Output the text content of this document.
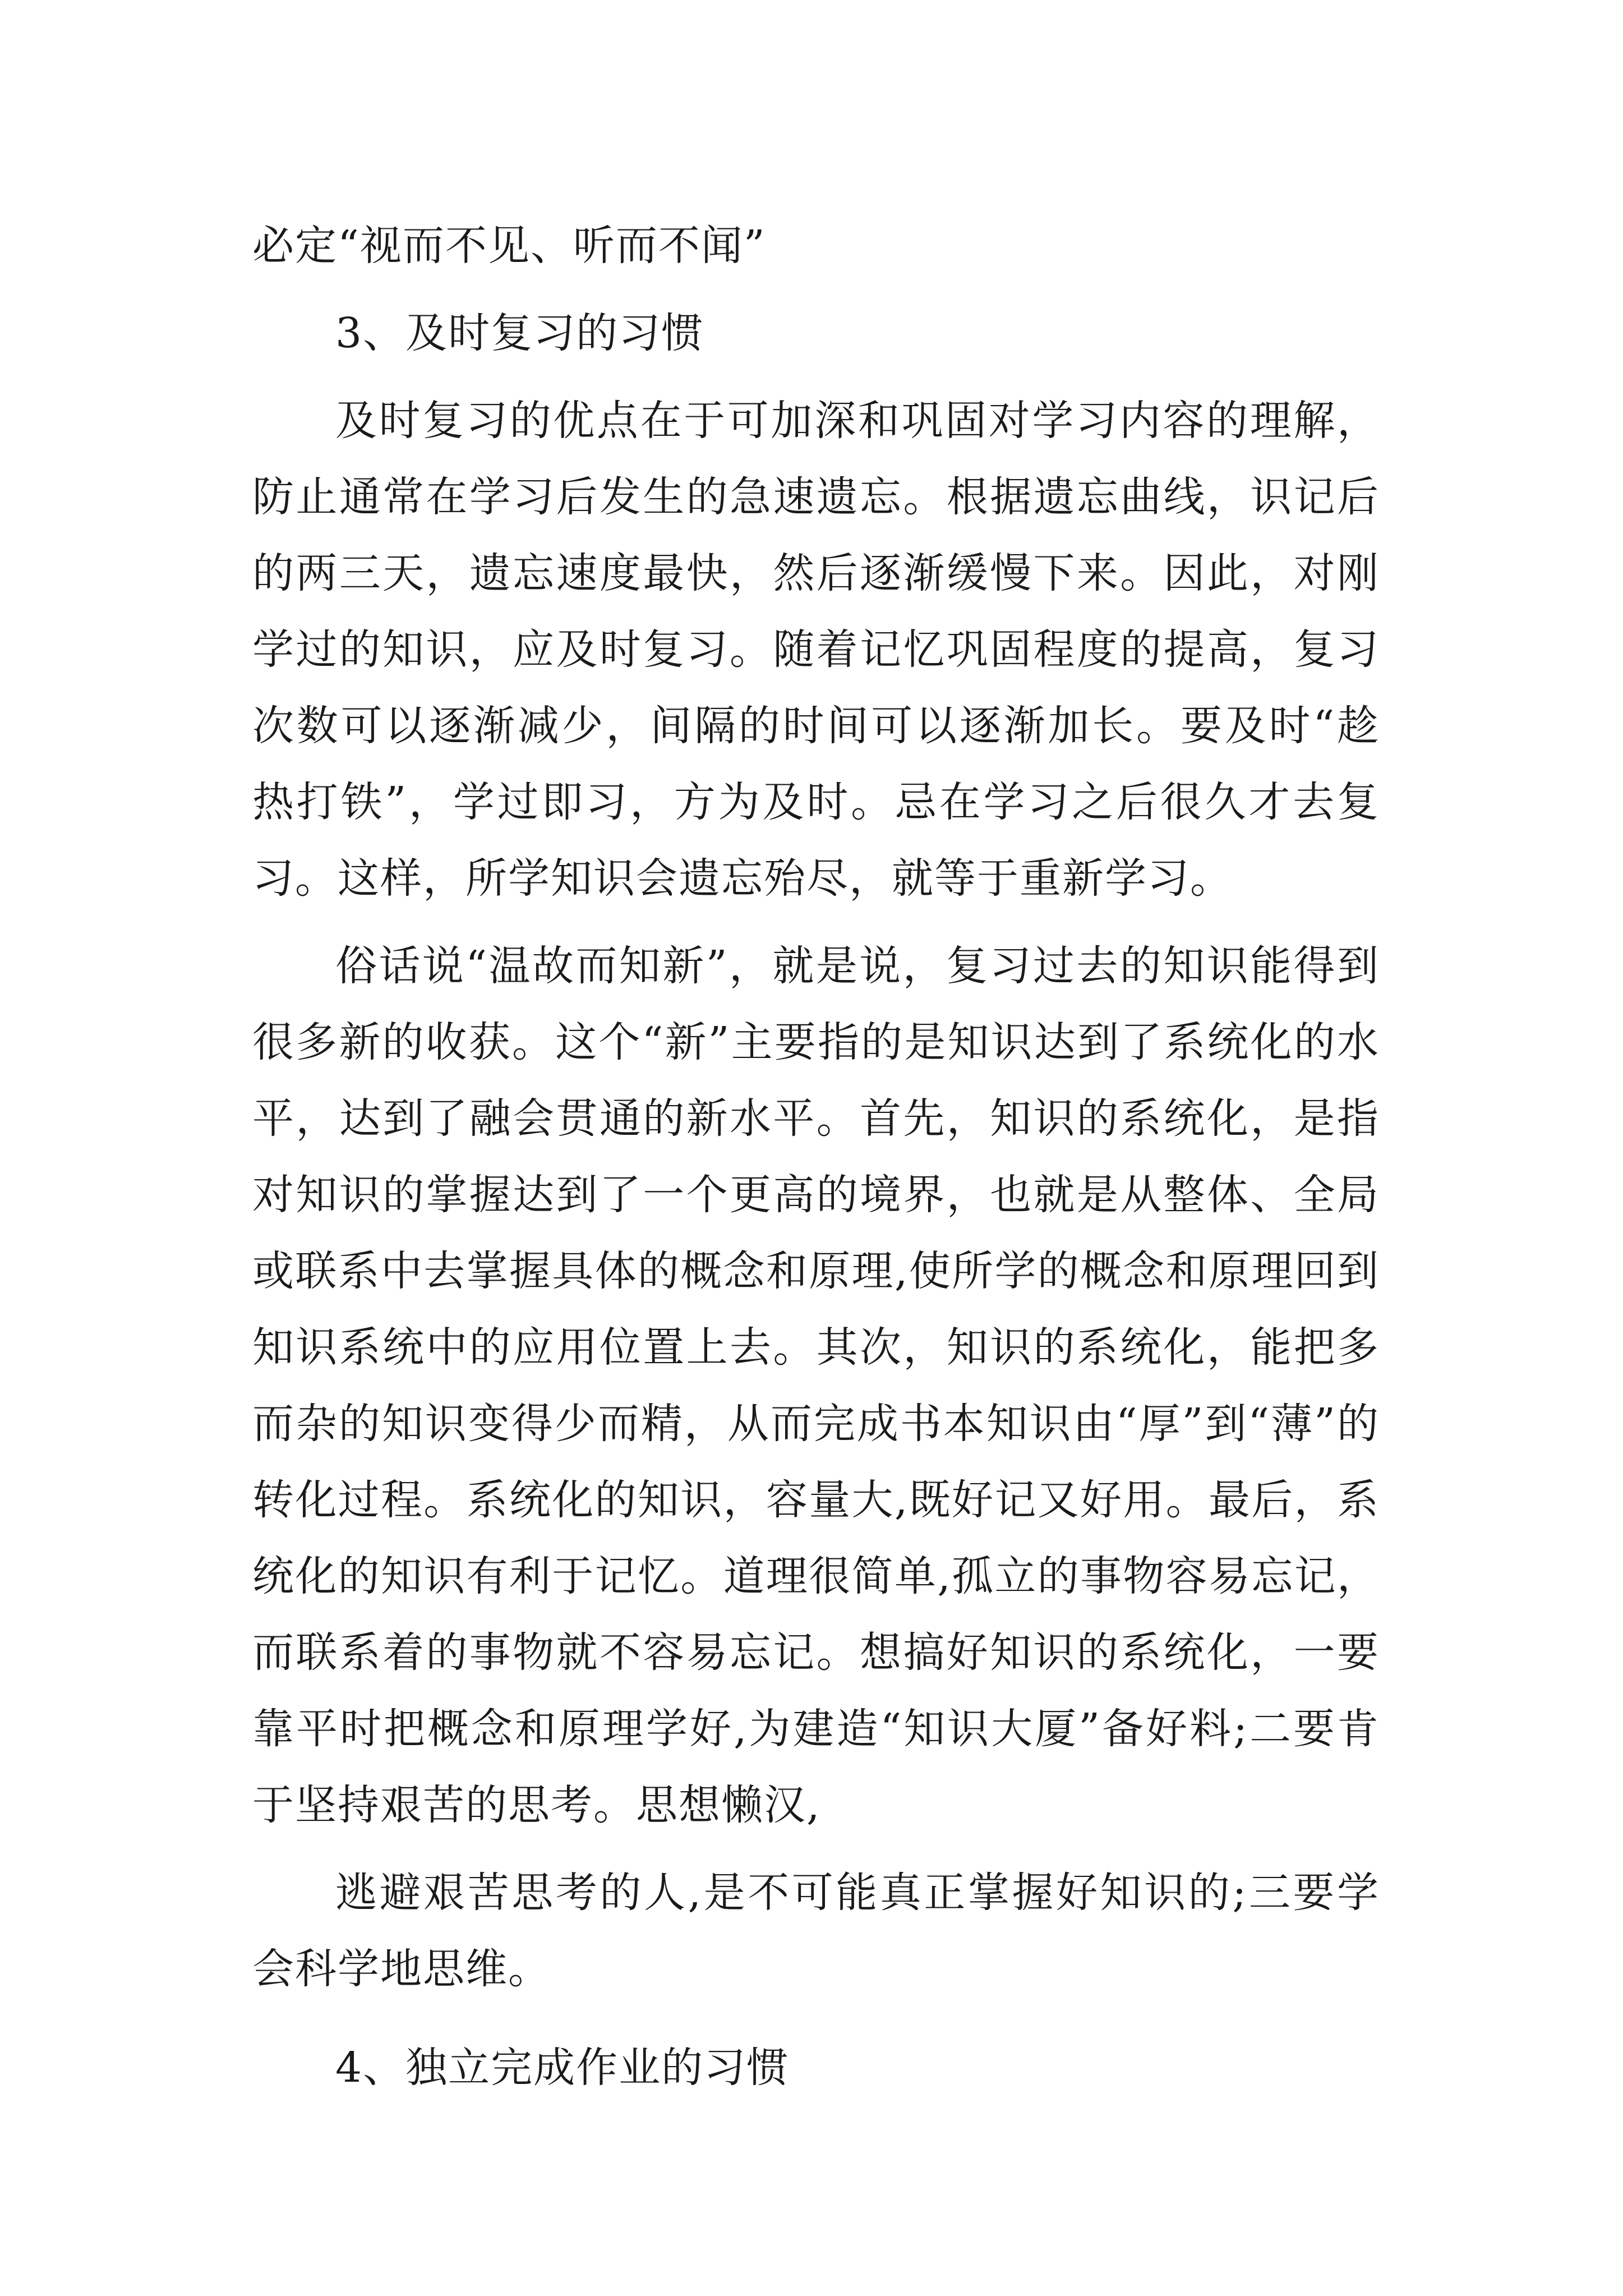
必定“视而不见、听而不闻”

3、及时复习的习惯

及时复习的优点在于可加深和巩固对学习内容的理解，防止通常在学习后发生的急速遗忘。根据遗忘曲线，识记后的两三天，遗忘速度最快，然后逐渐缓慢下来。因此，对刚学过的知识，应及时复习。随着记忆巩固程度的提高，复习次数可以逐渐减少，间隔的时间可以逐渐加长。要及时“趁热打铁”，学过即习，方为及时。忌在学习之后很久才去复习。这样，所学知识会遗忘殆尽，就等于重新学习。

俗话说“温故而知新”，就是说，复习过去的知识能得到很多新的收获。这个“新”主要指的是知识达到了系统化的水平，达到了融会贯通的新水平。首先，知识的系统化，是指对知识的掌握达到了一个更高的境界，也就是从整体、全局或联系中去掌握具体的概念和原理,使所学的概念和原理回到知识系统中的应用位置上去。其次，知识的系统化，能把多而杂的知识变得少而精，从而完成书本知识由“厚”到“薄”的转化过程。系统化的知识，容量大,既好记又好用。最后，系统化的知识有利于记忆。道理很简单,孤立的事物容易忘记，而联系着的事物就不容易忘记。想搞好知识的系统化，一要靠平时把概念和原理学好,为建造“知识大厦”备好料;二要肯于坚持艰苦的思考。思想懒汉,

逃避艰苦思考的人,是不可能真正掌握好知识的;三要学会科学地思维。

4、独立完成作业的习惯
